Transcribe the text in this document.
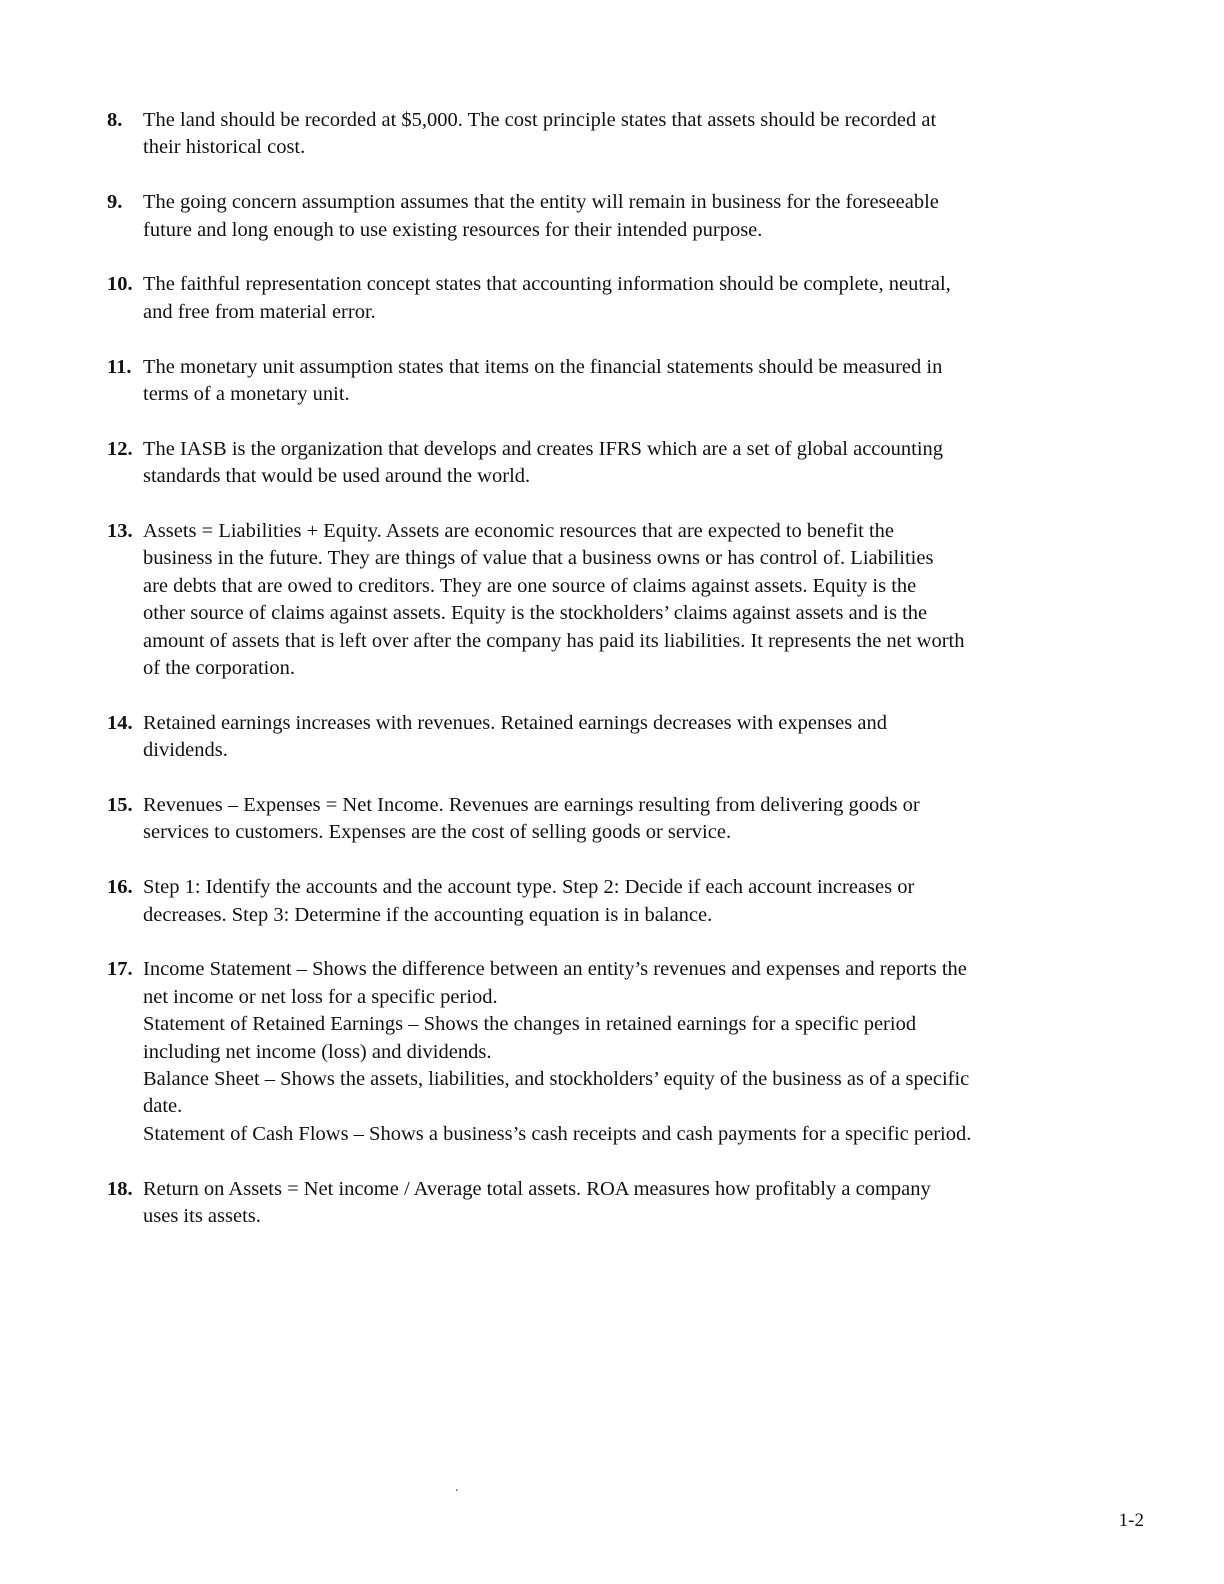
8.	The land should be recorded at $5,000. The cost principle states that assets should be recorded at
their historical cost.
9.	The going concern assumption assumes that the entity will remain in business for the foreseeable
future and long enough to use existing resources for their intended purpose.
10. The faithful representation concept states that accounting information should be complete, neutral,
and free from material error.
11. The monetary unit assumption states that items on the financial statements should be measured in
terms of a monetary unit.
12. The IASB is the organization that develops and creates IFRS which are a set of global accounting
standards that would be used around the world.
13. Assets = Liabilities + Equity. Assets are economic resources that are expected to benefit the
business in the future. They are things of value that a business owns or has control of. Liabilities
are debts that are owed to creditors. They are one source of claims against assets. Equity is the
other source of claims against assets. Equity is the stockholders’ claims against assets and is the
amount of assets that is left over after the company has paid its liabilities. It represents the net worth
of the corporation.
14. Retained earnings increases with revenues. Retained earnings decreases with expenses and
dividends.
15. Revenues – Expenses = Net Income. Revenues are earnings resulting from delivering goods or
services to customers. Expenses are the cost of selling goods or service.
16. Step 1: Identify the accounts and the account type. Step 2: Decide if each account increases or
decreases. Step 3: Determine if the accounting equation is in balance.
17. Income Statement – Shows the difference between an entity’s revenues and expenses and reports the
net income or net loss for a specific period.
Statement of Retained Earnings – Shows the changes in retained earnings for a specific period
including net income (loss) and dividends.
Balance Sheet – Shows the assets, liabilities, and stockholders’ equity of the business as of a specific
date.
Statement of Cash Flows – Shows a business’s cash receipts and cash payments for a specific period.
18. Return on Assets = Net income / Average total assets. ROA measures how profitably a company
uses its assets.
.
1-2
